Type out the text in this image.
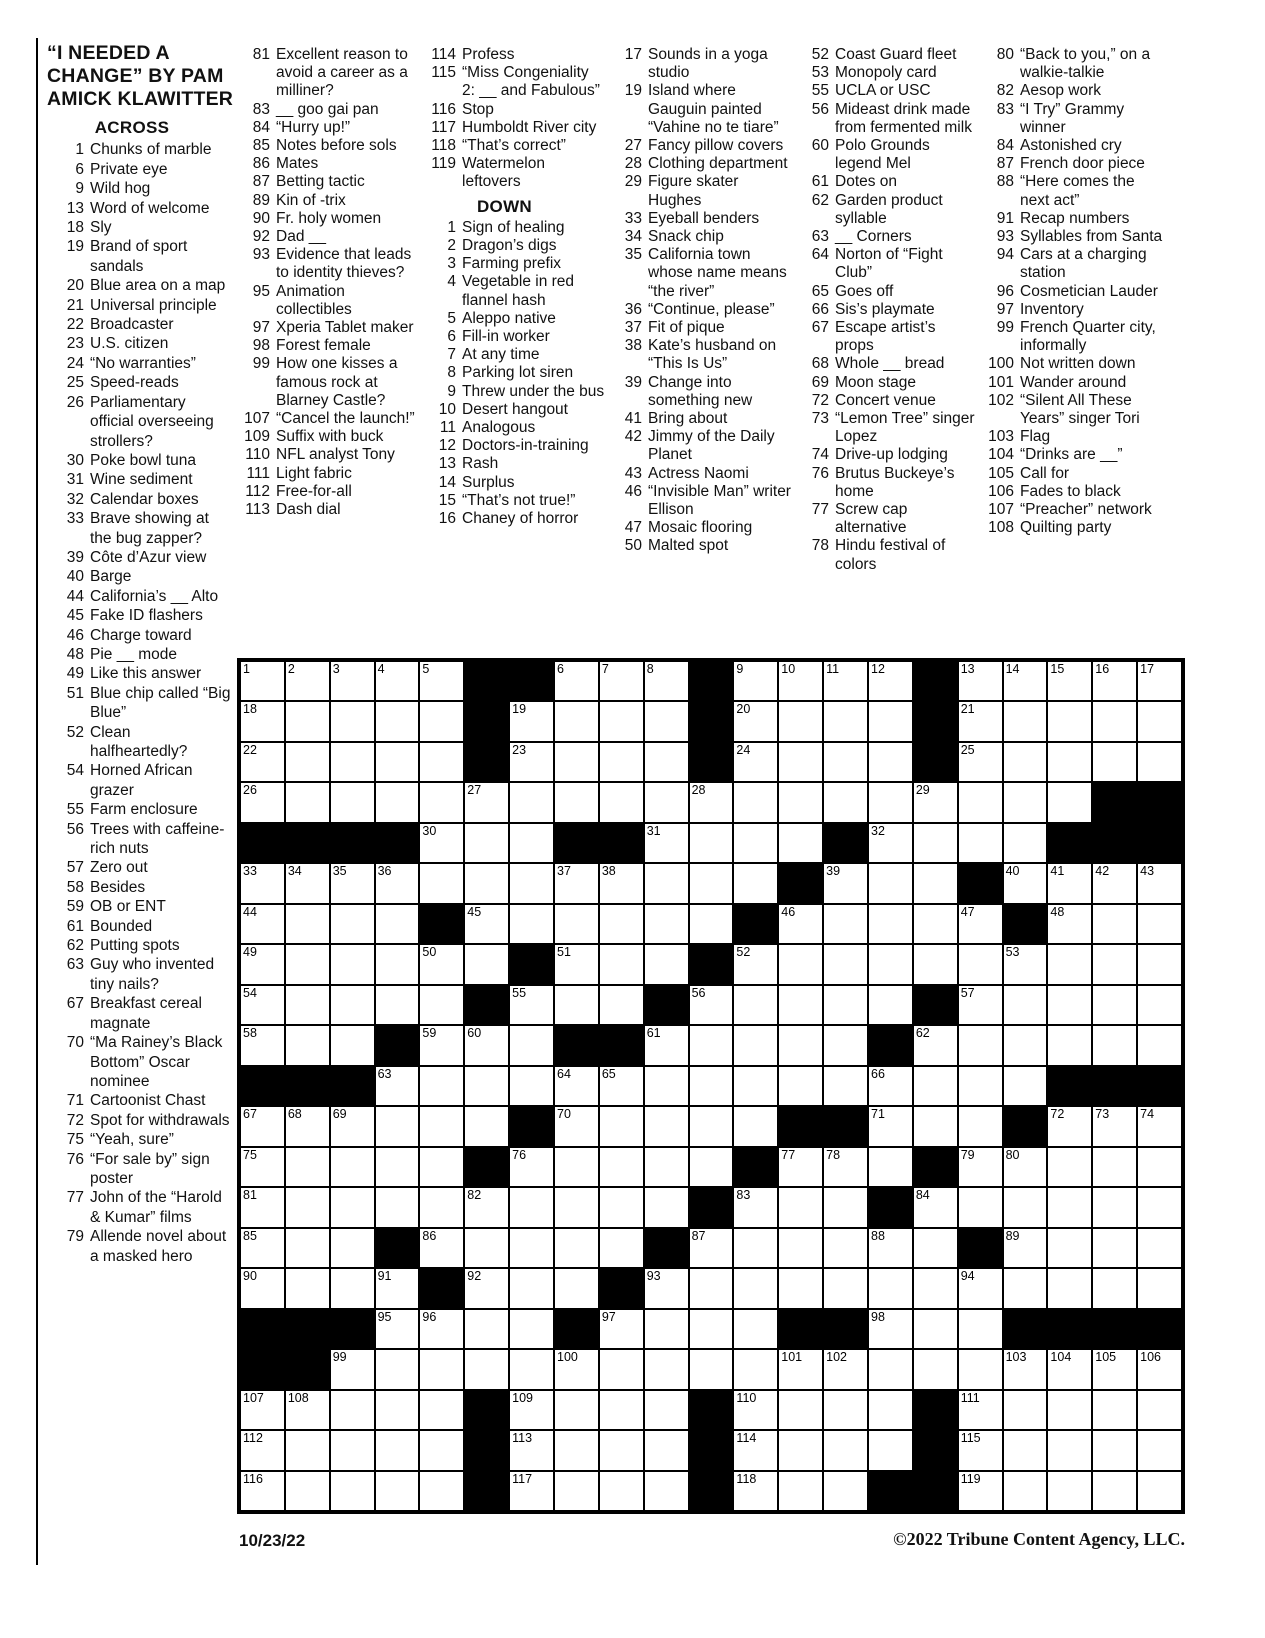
“I NEEDED A
CHANGE” BY PAM
AMICK KLAWITTER
ACROSS
1 Chunks of marble
6 Private eye
9 Wild hog
13 Word of welcome
18 Sly
19 Brand of sport sandals
20 Blue area on a map
21 Universal principle
22 Broadcaster
23 U.S. citizen
24 “No warranties”
25 Speed-reads
26 Parliamentary official overseeing strollers?
30 Poke bowl tuna
31 Wine sediment
32 Calendar boxes
33 Brave showing at the bug zapper?
39 Côte d’Azur view
40 Barge
44 California’s __ Alto
45 Fake ID flashers
46 Charge toward
48 Pie __ mode
49 Like this answer
51 Blue chip called “Big Blue”
52 Clean halfheartedly?
54 Horned African grazer
55 Farm enclosure
56 Trees with caffeine-rich nuts
57 Zero out
58 Besides
59 OB or ENT
61 Bounded
62 Putting spots
63 Guy who invented tiny nails?
67 Breakfast cereal magnate
70 “Ma Rainey’s Black Bottom” Oscar nominee
71 Cartoonist Chast
72 Spot for withdrawals
75 “Yeah, sure”
76 “For sale by” sign poster
77 John of the “Harold & Kumar” films
79 Allende novel about a masked hero
81 Excellent reason to avoid a career as a milliner?
83 __ goo gai pan
84 “Hurry up!”
85 Notes before sols
86 Mates
87 Betting tactic
89 Kin of -trix
90 Fr. holy women
92 Dad __
93 Evidence that leads to identity thieves?
95 Animation collectibles
97 Xperia Tablet maker
98 Forest female
99 How one kisses a famous rock at Blarney Castle?
107 “Cancel the launch!”
109 Suffix with buck
110 NFL analyst Tony
111 Light fabric
112 Free-for-all
113 Dash dial
114 Profess
115 “Miss Congeniality 2: __ and Fabulous”
116 Stop
117 Humboldt River city
118 “That’s correct”
119 Watermelon leftovers
DOWN
1 Sign of healing
2 Dragon’s digs
3 Farming prefix
4 Vegetable in red flannel hash
5 Aleppo native
6 Fill-in worker
7 At any time
8 Parking lot siren
9 Threw under the bus
10 Desert hangout
11 Analogous
12 Doctors-in-training
13 Rash
14 Surplus
15 “That’s not true!”
16 Chaney of horror
17 Sounds in a yoga studio
19 Island where Gauguin painted “Vahine no te tiare”
27 Fancy pillow covers
28 Clothing department
29 Figure skater Hughes
33 Eyeball benders
34 Snack chip
35 California town whose name means “the river”
36 “Continue, please”
37 Fit of pique
38 Kate’s husband on “This Is Us”
39 Change into something new
41 Bring about
42 Jimmy of the Daily Planet
43 Actress Naomi
46 “Invisible Man” writer Ellison
47 Mosaic flooring
50 Malted spot
52 Coast Guard fleet
53 Monopoly card
55 UCLA or USC
56 Mideast drink made from fermented milk
60 Polo Grounds legend Mel
61 Dotes on
62 Garden product syllable
63 __ Corners
64 Norton of “Fight Club”
65 Goes off
66 Sis’s playmate
67 Escape artist’s props
68 Whole __ bread
69 Moon stage
72 Concert venue
73 “Lemon Tree” singer Lopez
74 Drive-up lodging
76 Brutus Buckeye’s home
77 Screw cap alternative
78 Hindu festival of colors
80 “Back to you,” on a walkie-talkie
82 Aesop work
83 “I Try” Grammy winner
84 Astonished cry
87 French door piece
88 “Here comes the next act”
91 Recap numbers
93 Syllables from Santa
94 Cars at a charging station
96 Cosmetician Lauder
97 Inventory
99 French Quarter city, informally
100 Not written down
101 Wander around
102 “Silent All These Years” singer Tori
103 Flag
104 “Drinks are __”
105 Call for
106 Fades to black
107 “Preacher” network
108 Quilting party
1	2	3	4	5	6	7	8	9	10 11	12	13 14 15 16 17
18	19	20	21
22	23	24	25
26	27	28	29
30	31	32
33 34 35 36	37 38	39	40 41 42 43
44	45	46	47	48
49	50	51	52	53
54	55	56	57
58	59 60	61	62
63	64 65	66
67 68 69	70	71	72 73 74
75	76	77 78	79 80
81	82	83	84
85	86	87	88	89
90	91	92	93	94
95 96	97	98
99	100	101 102	103 104 105 106
107 108	109	110	111
112	113	114	115
116	117	118	119
10/23/22	©2022 Tribune Content Agency, LLC.
